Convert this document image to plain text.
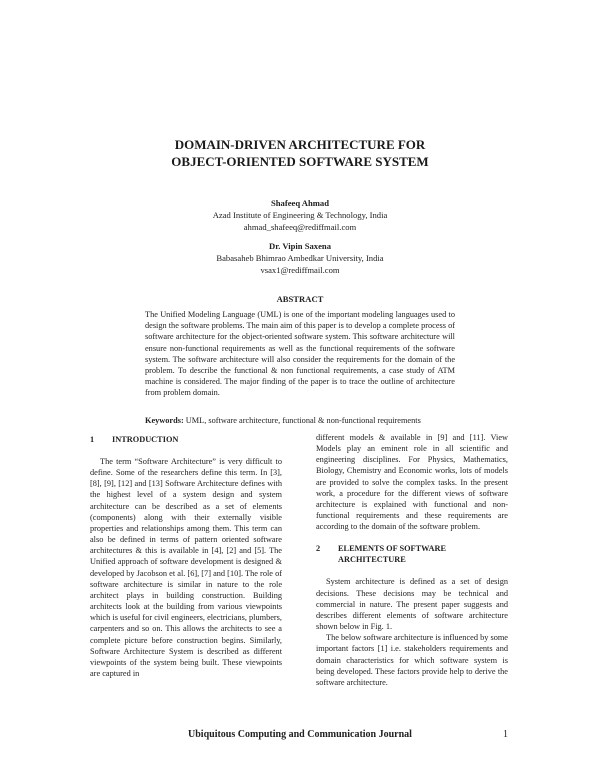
DOMAIN-DRIVEN ARCHITECTURE FOR
OBJECT-ORIENTED SOFTWARE SYSTEM
Shafeeq Ahmad
Azad Institute of Engineering & Technology, India
ahmad_shafeeq@rediffmail.com
Dr. Vipin Saxena
Babasaheb Bhimrao Ambedkar University, India
vsax1@rediffmail.com
ABSTRACT
The Unified Modeling Language (UML) is one of the important modeling languages used to design the software problems. The main aim of this paper is to develop a complete process of software architecture for the object-oriented software system. This software architecture will ensure non-functional requirements as well as the functional requirements of the software system. The software architecture will also consider the requirements for the domain of the problem. To describe the functional & non functional requirements, a case study of ATM machine is considered. The major finding of the paper is to trace the outline of architecture from problem domain.
Keywords: UML, software architecture, functional & non-functional requirements
1	INTRODUCTION

The term “Software Architecture” is very difficult to define. Some of the researchers define this term. In [3], [8], [9], [12] and [13] Software Architecture defines with the highest level of a system design and system architecture can be described as a set of elements (components) along with their externally visible properties and relationships among them. This term can also be defined in terms of pattern oriented software architectures & this is available in [4], [2] and [5]. The Unified approach of software development is designed & developed by Jacobson et al. [6], [7] and [10]. The role of software architecture is similar in nature to the role architect plays in building construction. Building architects look at the building from various viewpoints which is useful for civil engineers, electricians, plumbers, carpenters and so on. This allows the architects to see a complete picture before construction begins. Similarly, Software Architecture System is described as different viewpoints of the system being built. These viewpoints are captured in

different models & available in [9] and [11]. View Models play an eminent role in all scientific and engineering disciplines. For Physics, Mathematics, Biology, Chemistry and Economic works, lots of models are provided to solve the complex tasks. In the present work, a procedure for the different views of software architecture is explained with functional and non-functional requirements and these requirements are according to the domain of the software problem.

2	ELEMENTS OF SOFTWARE
ARCHITECTURE

System architecture is defined as a set of design decisions. These decisions may be technical and commercial in nature. The present paper suggests and describes different elements of software architecture shown below in Fig. 1.

The below software architecture is influenced by some important factors [1] i.e. stakeholders requirements and domain characteristics for which software system is being developed. These factors provide help to derive the software architecture.

Ubiquitous Computing and Communication Journal	1
